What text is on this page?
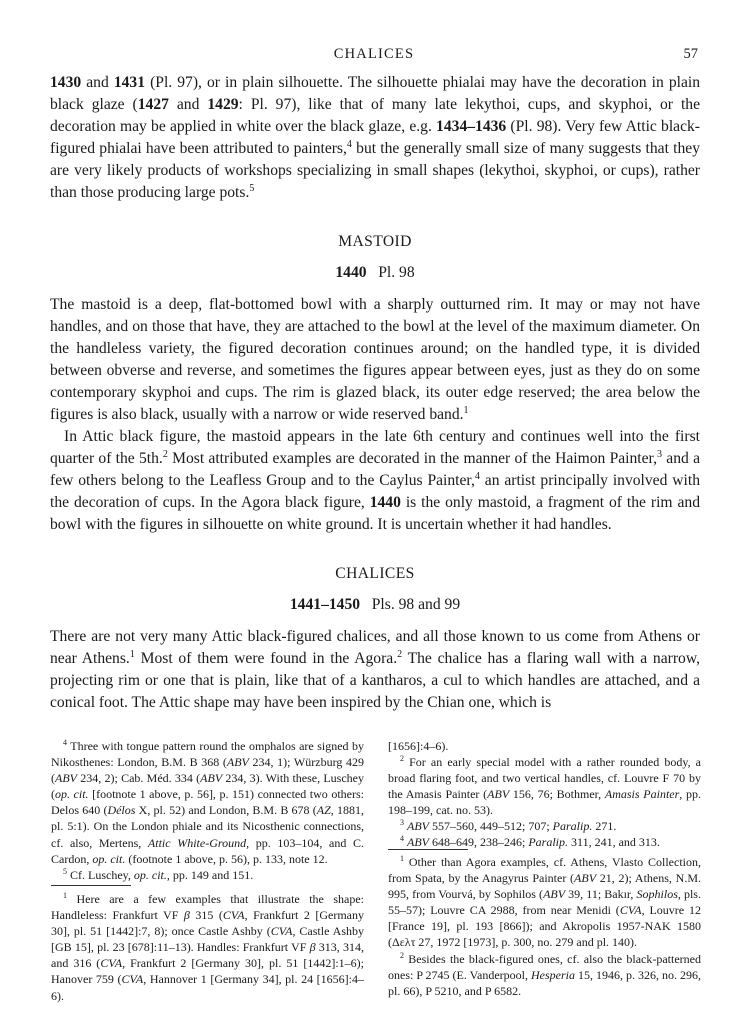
CHALICES	57

1430 and 1431 (Pl. 97), or in plain silhouette. The silhouette phialai may have the decoration in plain black glaze (1427 and 1429: Pl. 97), like that of many late lekythoi, cups, and skyphoi, or the decoration may be applied in white over the black glaze, e.g. 1434–1436 (Pl. 98). Very few Attic black-figured phialai have been attributed to painters,$^4$ but the generally small size of many suggests that they are very likely products of workshops specializing in small shapes (lekythoi, skyphoi, or cups), rather than those producing large pots.$^5$

MASTOID
1440   Pl. 98

The mastoid is a deep, flat-bottomed bowl with a sharply outturned rim. It may or may not have handles, and on those that have, they are attached to the bowl at the level of the maximum diameter. On the handleless variety, the figured decoration continues around; on the handled type, it is divided between obverse and reverse, and sometimes the figures appear between eyes, just as they do on some contemporary skyphoi and cups. The rim is glazed black, its outer edge reserved; the area below the figures is also black, usually with a narrow or wide reserved band.$^1$

In Attic black figure, the mastoid appears in the late 6th century and continues well into the first quarter of the 5th.$^2$ Most attributed examples are decorated in the manner of the Haimon Painter,$^3$ and a few others belong to the Leafless Group and to the Caylus Painter,$^4$ an artist principally involved with the decoration of cups. In the Agora black figure, 1440 is the only mastoid, a fragment of the rim and bowl with the figures in silhouette on white ground. It is uncertain whether it had handles.

CHALICES
1441–1450   Pls. 98 and 99

There are not very many Attic black-figured chalices, and all those known to us come from Athens or near Athens.$^1$ Most of them were found in the Agora.$^2$ The chalice has a flaring wall with a narrow, projecting rim or one that is plain, like that of a kantharos, a cul to which handles are attached, and a conical foot. The Attic shape may have been inspired by the Chian one, which is

$^4$ Three with tongue pattern round the omphalos are signed by Nikosthenes: London, B.M. B 368 (ABV 234, 1); Würzburg 429 (ABV 234, 2); Cab. Méd. 334 (ABV 234, 3). With these, Luschey (op. cit. [footnote 1 above, p. 56], p. 151) connected two others: Delos 640 (Délos X, pl. 52) and London, B.M. B 678 (AZ, 1881, pl. 5:1). On the London phiale and its Nicosthenic connections, cf. also, Mertens, Attic White-Ground, pp. 103–104, and C. Cardon, op. cit. (footnote 1 above, p. 56), p. 133, note 12.

$^5$ Cf. Luschey, op. cit., pp. 149 and 151.

$^1$ Here are a few examples that illustrate the shape: Handleless: Frankfurt VF β 315 (CVA, Frankfurt 2 [Germany 30], pl. 51 [1442]:7, 8); once Castle Ashby (CVA, Castle Ashby [GB 15], pl. 23 [678]:11–13). Handles: Frankfurt VF β 313, 314, and 316 (CVA, Frankfurt 2 [Germany 30], pl. 51 [1442]:1–6); Hanover 759 (CVA, Hannover 1 [Germany 34], pl. 24 [1656]:4–6).

[1656]:4–6).

$^2$ For an early special model with a rather rounded body, a broad flaring foot, and two vertical handles, cf. Louvre F 70 by the Amasis Painter (ABV 156, 76; Bothmer, Amasis Painter, pp. 198–199, cat. no. 53).

$^3$ ABV 557–560, 449–512; 707; Paralip. 271.

$^4$ ABV 648–649, 238–246; Paralip. 311, 241, and 313.

$^1$ Other than Agora examples, cf. Athens, Vlasto Collection, from Spata, by the Anagyrus Painter (ABV 21, 2); Athens, N.M. 995, from Vourvá, by Sophilos (ABV 39, 11; Bakır, Sophilos, pls. 55–57); Louvre CA 2988, from near Menidi (CVA, Louvre 12 [France 19], pl. 193 [866]); and Akropolis 1957-NAK 1580 (Δελτ 27, 1972 [1973], p. 300, no. 279 and pl. 140).

$^2$ Besides the black-figured ones, cf. also the black-patterned ones: P 2745 (E. Vanderpool, Hesperia 15, 1946, p. 326, no. 296, pl. 66), P 5210, and P 6582.
